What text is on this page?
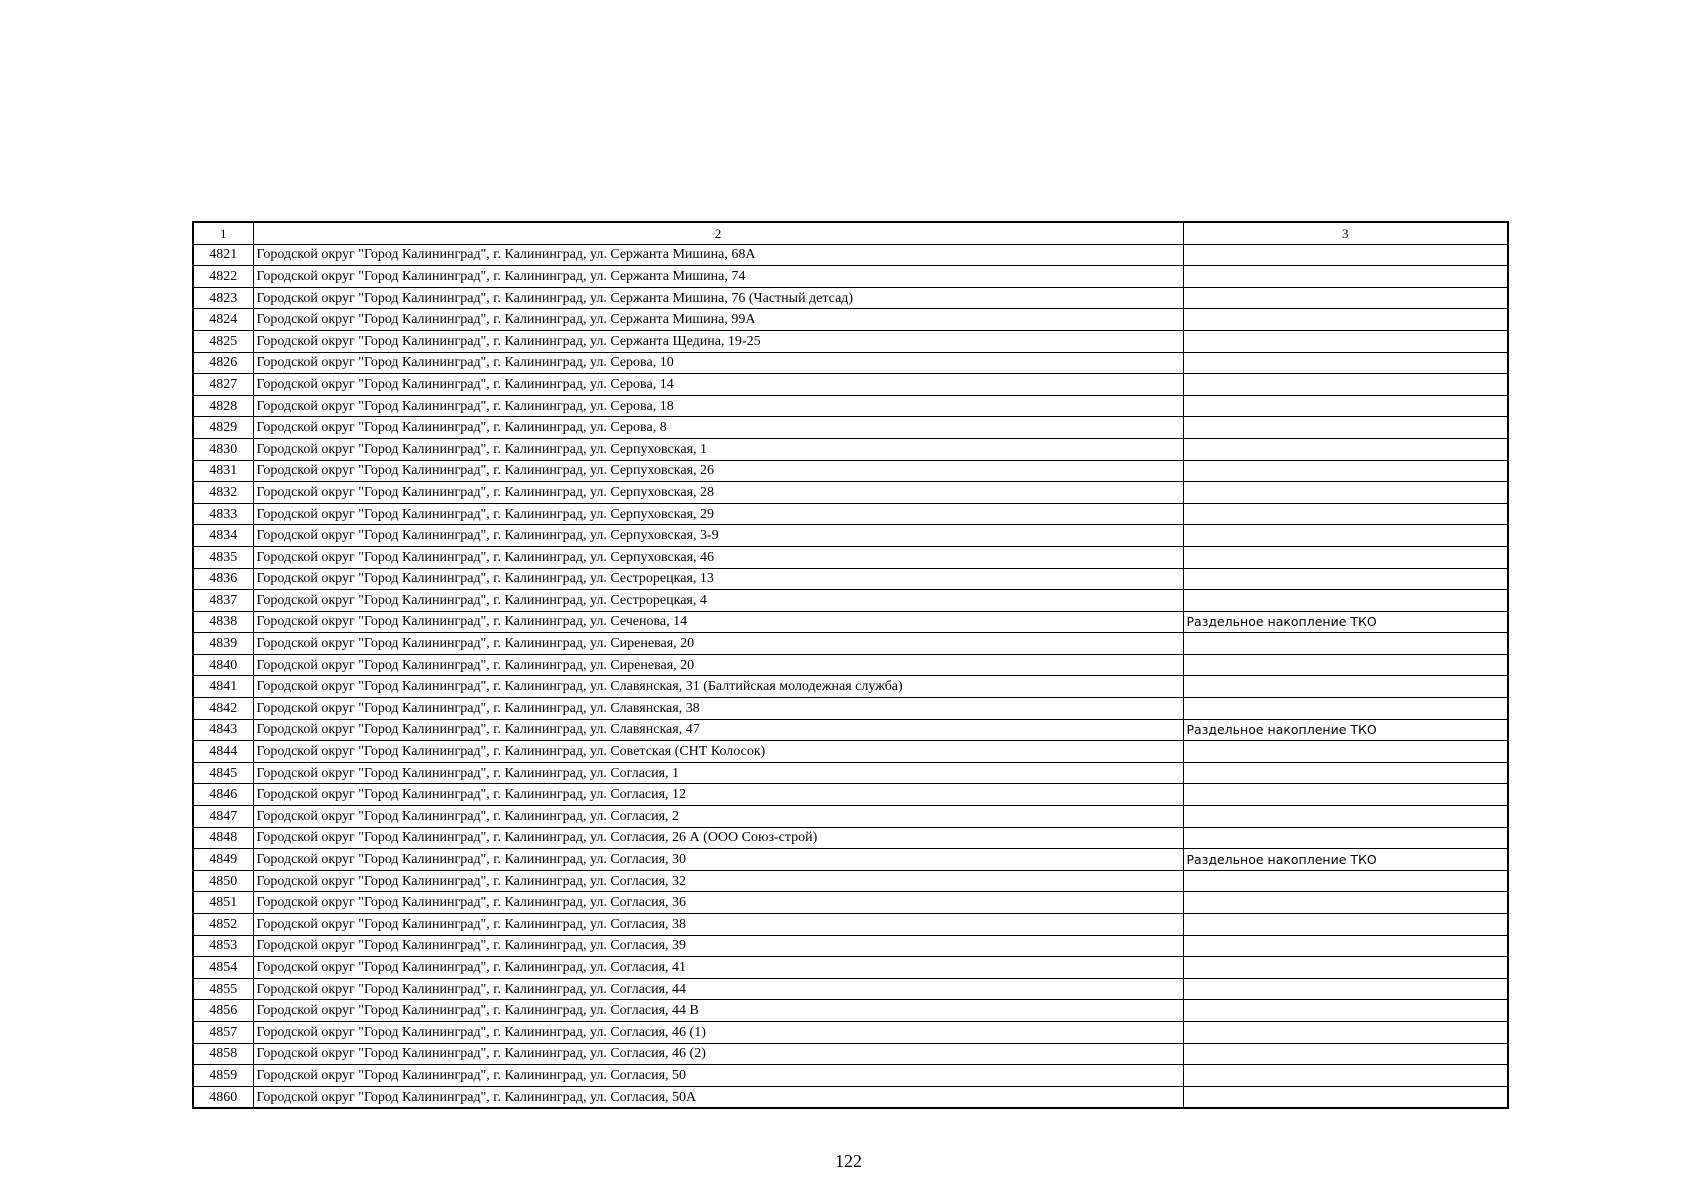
1	2	3
4821	Городской округ "Город Калининград", г. Калининград, ул. Сержанта Мишина, 68А	
4822	Городской округ "Город Калининград", г. Калининград, ул. Сержанта Мишина, 74	
4823	Городской округ "Город Калининград", г. Калининград, ул. Сержанта Мишина, 76 (Частный детсад)	
4824	Городской округ "Город Калининград", г. Калининград, ул. Сержанта Мишина, 99А	
4825	Городской округ "Город Калининград", г. Калининград, ул. Сержанта Щедина, 19-25	
4826	Городской округ "Город Калининград", г. Калининград, ул. Серова, 10	
4827	Городской округ "Город Калининград", г. Калининград, ул. Серова, 14	
4828	Городской округ "Город Калининград", г. Калининград, ул. Серова, 18	
4829	Городской округ "Город Калининград", г. Калининград, ул. Серова, 8	
4830	Городской округ "Город Калининград", г. Калининград, ул. Серпуховская, 1	
4831	Городской округ "Город Калининград", г. Калининград, ул. Серпуховская, 26	
4832	Городской округ "Город Калининград", г. Калининград, ул. Серпуховская, 28	
4833	Городской округ "Город Калининград", г. Калининград, ул. Серпуховская, 29	
4834	Городской округ "Город Калининград", г. Калининград, ул. Серпуховская, 3-9	
4835	Городской округ "Город Калининград", г. Калининград, ул. Серпуховская, 46	
4836	Городской округ "Город Калининград", г. Калининград, ул. Сестрорецкая, 13	
4837	Городской округ "Город Калининград", г. Калининград, ул. Сестрорецкая, 4	
4838	Городской округ "Город Калининград", г. Калининград, ул. Сеченова, 14	Раздельное накопление ТКО
4839	Городской округ "Город Калининград", г. Калининград, ул. Сиреневая, 20	
4840	Городской округ "Город Калининград", г. Калининград, ул. Сиреневая, 20	
4841	Городской округ "Город Калининград", г. Калининград, ул. Славянская, 31 (Балтийская молодежная служба)	
4842	Городской округ "Город Калининград", г. Калининград, ул. Славянская, 38	
4843	Городской округ "Город Калининград", г. Калининград, ул. Славянская, 47	Раздельное накопление ТКО
4844	Городской округ "Город Калининград", г. Калининград, ул. Советская (СНТ Колосок)	
4845	Городской округ "Город Калининград", г. Калининград, ул. Согласия, 1	
4846	Городской округ "Город Калининград", г. Калининград, ул. Согласия, 12	
4847	Городской округ "Город Калининград", г. Калининград, ул. Согласия, 2	
4848	Городской округ "Город Калининград", г. Калининград, ул. Согласия, 26 А (ООО Союз-строй)	
4849	Городской округ "Город Калининград", г. Калининград, ул. Согласия, 30	Раздельное накопление ТКО
4850	Городской округ "Город Калининград", г. Калининград, ул. Согласия, 32	
4851	Городской округ "Город Калининград", г. Калининград, ул. Согласия, 36	
4852	Городской округ "Город Калининград", г. Калининград, ул. Согласия, 38	
4853	Городской округ "Город Калининград", г. Калининград, ул. Согласия, 39	
4854	Городской округ "Город Калининград", г. Калининград, ул. Согласия, 41	
4855	Городской округ "Город Калининград", г. Калининград, ул. Согласия, 44	
4856	Городской округ "Город Калининград", г. Калининград, ул. Согласия, 44 В	
4857	Городской округ "Город Калининград", г. Калининград, ул. Согласия, 46 (1)	
4858	Городской округ "Город Калининград", г. Калининград, ул. Согласия, 46 (2)	
4859	Городской округ "Город Калининград", г. Калининград, ул. Согласия, 50	
4860	Городской округ "Город Калининград", г. Калининград, ул. Согласия, 50А	
122
